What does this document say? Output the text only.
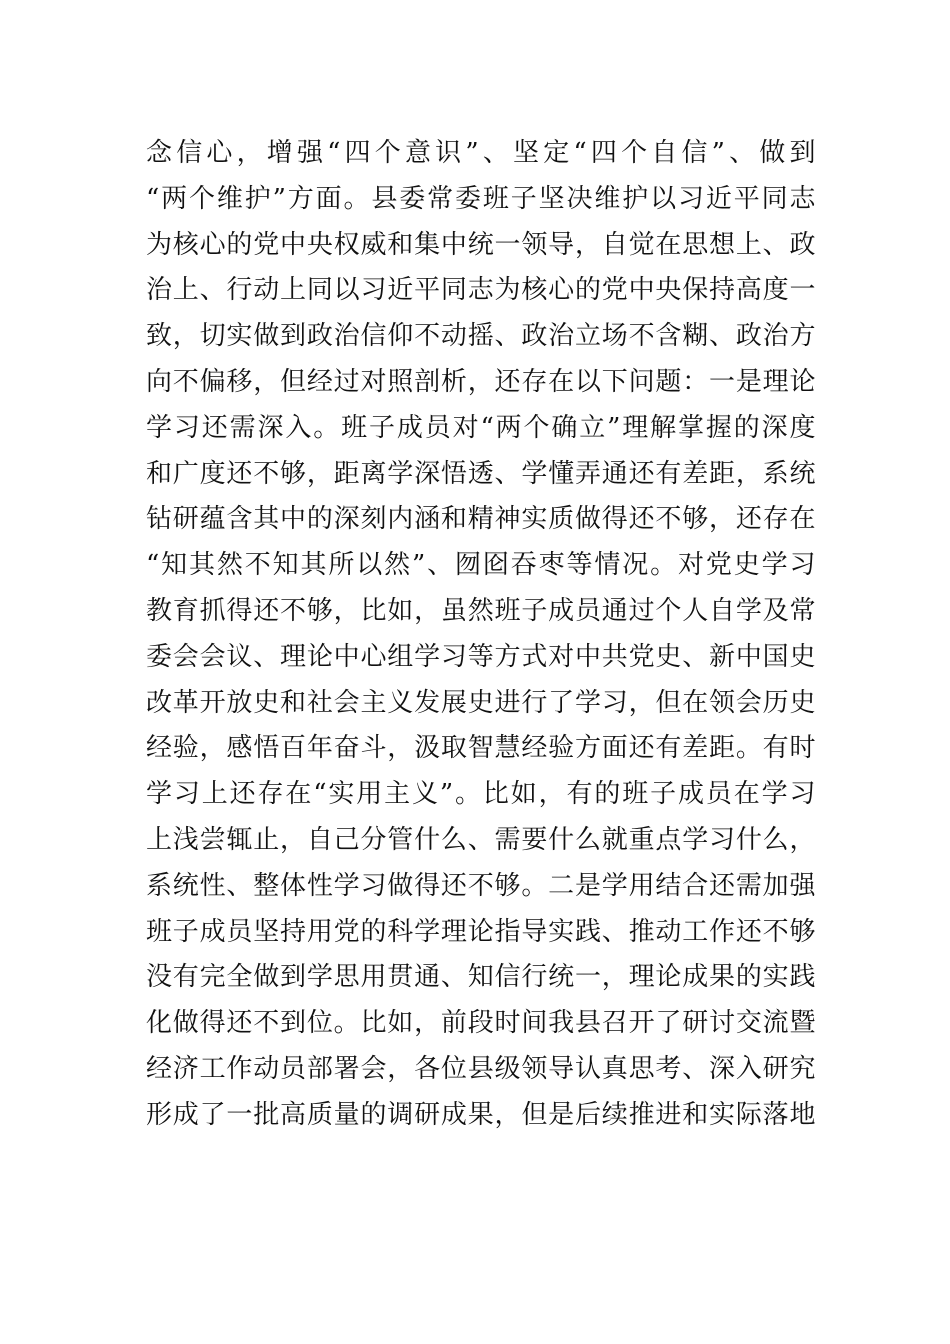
念信心，增强“四个意识”、坚定“四个自信”、做到
“两个维护”方面。县委常委班子坚决维护以习近平同志
为核心的党中央权威和集中统一领导，自觉在思想上、政
治上、行动上同以习近平同志为核心的党中央保持高度一
致，切实做到政治信仰不动摇、政治立场不含糊、政治方
向不偏移，但经过对照剖析，还存在以下问题：一是理论
学习还需深入。班子成员对“两个确立”理解掌握的深度
和广度还不够，距离学深悟透、学懂弄通还有差距，系统
钻研蕴含其中的深刻内涵和精神实质做得还不够，还存在
“知其然不知其所以然”、囫囵吞枣等情况。对党史学习
教育抓得还不够，比如，虽然班子成员通过个人自学及常
委会会议、理论中心组学习等方式对中共党史、新中国史
改革开放史和社会主义发展史进行了学习，但在领会历史
经验，感悟百年奋斗，汲取智慧经验方面还有差距。有时
学习上还存在“实用主义”。比如，有的班子成员在学习
上浅尝辄止，自己分管什么、需要什么就重点学习什么，
系统性、整体性学习做得还不够。二是学用结合还需加强
班子成员坚持用党的科学理论指导实践、推动工作还不够
没有完全做到学思用贯通、知信行统一，理论成果的实践
化做得还不到位。比如，前段时间我县召开了研讨交流暨
经济工作动员部署会，各位县级领导认真思考、深入研究
形成了一批高质量的调研成果，但是后续推进和实际落地
